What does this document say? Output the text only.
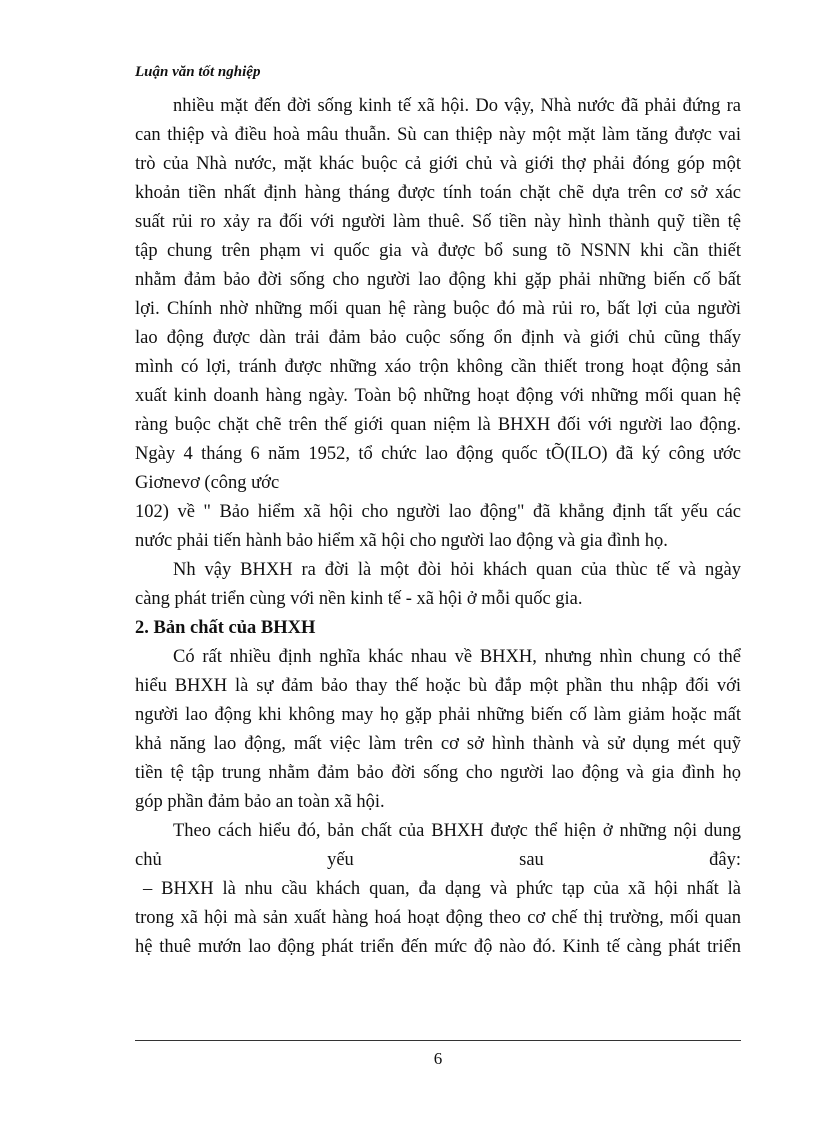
Luận văn tốt nghiệp
nhiều mặt đến đời sống kinh tế xã hội. Do vậy, Nhà nước đã phải đứng ra
can thiệp và điều hoà mâu thuẫn. Sù can thiệp này một mặt làm tăng được vai
trò của Nhà nước, mặt khác buộc cả giới chủ và giới thợ phải đóng góp một
khoản tiền nhất định hàng tháng được tính toán chặt chẽ dựa trên cơ sở xác
suất rủi ro xảy ra đối với người làm thuê. Số tiền này hình thành quỹ tiền tệ
tập chung trên phạm vi quốc gia và được bổ sung tõ NSNN khi cần thiết
nhằm đảm bảo đời sống cho người lao động khi gặp phải những biến cố bất
lợi. Chính nhờ những mối quan hệ ràng buộc đó mà rủi ro, bất lợi của người
lao động được dàn trải đảm bảo cuộc sống ổn định và giới chủ cũng thấy
mình có lợi, tránh được những xáo trộn không cần thiết trong hoạt động sản
xuất kinh doanh hàng ngày. Toàn bộ những hoạt động với những mối quan hệ
ràng buộc chặt chẽ trên thế giới quan niệm là BHXH đối với người lao động.
Ngày 4 tháng 6 năm 1952, tổ chức lao động quốc tÕ(ILO) đã ký công ước
Giơnevơ (công ước
102) về " Bảo hiểm xã hội cho người lao động" đã khẳng định tất yếu các
nước phải tiến hành bảo hiểm xã hội cho người lao động và gia đình họ.
Nh vậy BHXH ra đời là một đòi hỏi khách quan của thùc tế và ngày
càng phát triển cùng với nền kinh tế - xã hội ở mỗi quốc gia.
2. Bản chất của BHXH
Có rất nhiều định nghĩa khác nhau về BHXH, nhưng nhìn chung có thể
hiểu BHXH là sự đảm bảo thay thế hoặc bù đắp một phần thu nhập đối với
người lao động khi không may họ gặp phải những biến cố làm giảm hoặc mất
khả năng lao động, mất việc làm trên cơ sở hình thành và sử dụng mét quỹ
tiền tệ tập trung nhằm đảm bảo đời sống cho người lao động và gia đình họ
góp phần đảm bảo an toàn xã hội.
Theo cách hiểu đó, bản chất của BHXH được thể hiện ở những nội dung
chủ yếu sau đây:
– BHXH là nhu cầu khách quan, đa dạng và phức tạp của xã hội nhất là
trong xã hội mà sản xuất hàng hoá hoạt động theo cơ chế thị trường, mối quan
hệ thuê mướn lao động phát triển đến mức độ nào đó. Kinh tế càng phát triển
6
